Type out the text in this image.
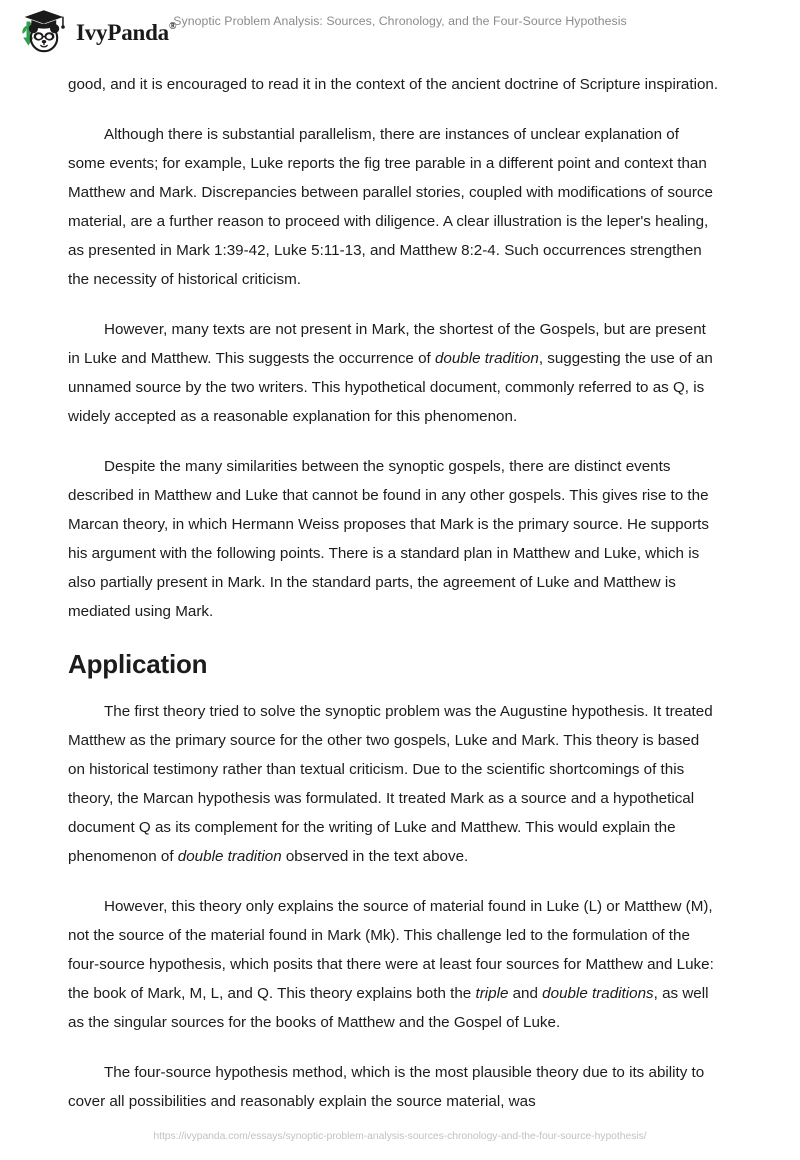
IvyPanda®
Synoptic Problem Analysis: Sources, Chronology, and the Four-Source Hypothesis

good, and it is encouraged to read it in the context of the ancient doctrine of Scripture inspiration.

Although there is substantial parallelism, there are instances of unclear explanation of some events; for example, Luke reports the fig tree parable in a different point and context than Matthew and Mark. Discrepancies between parallel stories, coupled with modifications of source material, are a further reason to proceed with diligence. A clear illustration is the leper's healing, as presented in Mark 1:39-42, Luke 5:11-13, and Matthew 8:2-4. Such occurrences strengthen the necessity of historical criticism.

However, many texts are not present in Mark, the shortest of the Gospels, but are present in Luke and Matthew. This suggests the occurrence of double tradition, suggesting the use of an unnamed source by the two writers. This hypothetical document, commonly referred to as Q, is widely accepted as a reasonable explanation for this phenomenon.

Despite the many similarities between the synoptic gospels, there are distinct events described in Matthew and Luke that cannot be found in any other gospels. This gives rise to the Marcan theory, in which Hermann Weiss proposes that Mark is the primary source. He supports his argument with the following points. There is a standard plan in Matthew and Luke, which is also partially present in Mark. In the standard parts, the agreement of Luke and Matthew is mediated using Mark.

Application

The first theory tried to solve the synoptic problem was the Augustine hypothesis. It treated Matthew as the primary source for the other two gospels, Luke and Mark. This theory is based on historical testimony rather than textual criticism. Due to the scientific shortcomings of this theory, the Marcan hypothesis was formulated. It treated Mark as a source and a hypothetical document Q as its complement for the writing of Luke and Matthew. This would explain the phenomenon of double tradition observed in the text above.

However, this theory only explains the source of material found in Luke (L) or Matthew (M), not the source of the material found in Mark (Mk). This challenge led to the formulation of the four-source hypothesis, which posits that there were at least four sources for Matthew and Luke: the book of Mark, M, L, and Q. This theory explains both the triple and double traditions, as well as the singular sources for the books of Matthew and the Gospel of Luke.

The four-source hypothesis method, which is the most plausible theory due to its ability to cover all possibilities and reasonably explain the source material, was

https://ivypanda.com/essays/synoptic-problem-analysis-sources-chronology-and-the-four-source-hypothesis/
